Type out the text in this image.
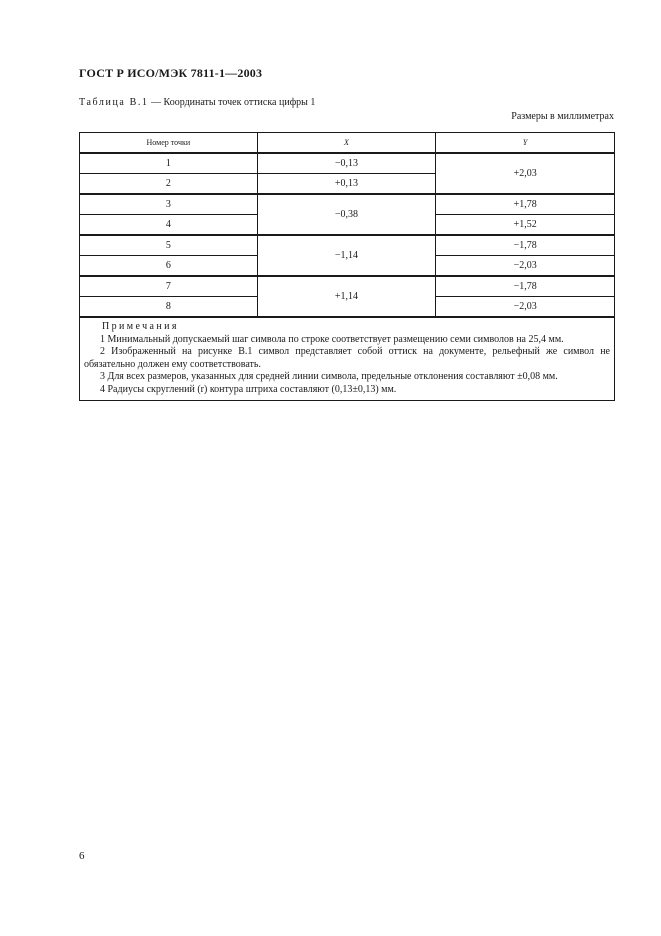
ГОСТ Р ИСО/МЭК 7811-1—2003
Таблица В.1 — Координаты точек оттиска цифры 1
Размеры в миллиметрах
Номер точки	X	Y
1	−0,13	+2,03
2	+0,13	
3	−0,38	+1,78
4		+1,52
5	−1,14	−1,78
6		−2,03
7	+1,14	−1,78
8		−2,03

Примечания
1 Минимальный допускаемый шаг символа по строке соответствует размещению семи символов на 25,4 мм.
2 Изображенный на рисунке В.1 символ представляет собой оттиск на документе, рельефный же символ не обязательно должен ему соответствовать.
3 Для всех размеров, указанных для средней линии символа, предельные отклонения составляют ±0,08 мм.
4 Радиусы скруглений (r) контура штриха составляют (0,13±0,13) мм.		
6
